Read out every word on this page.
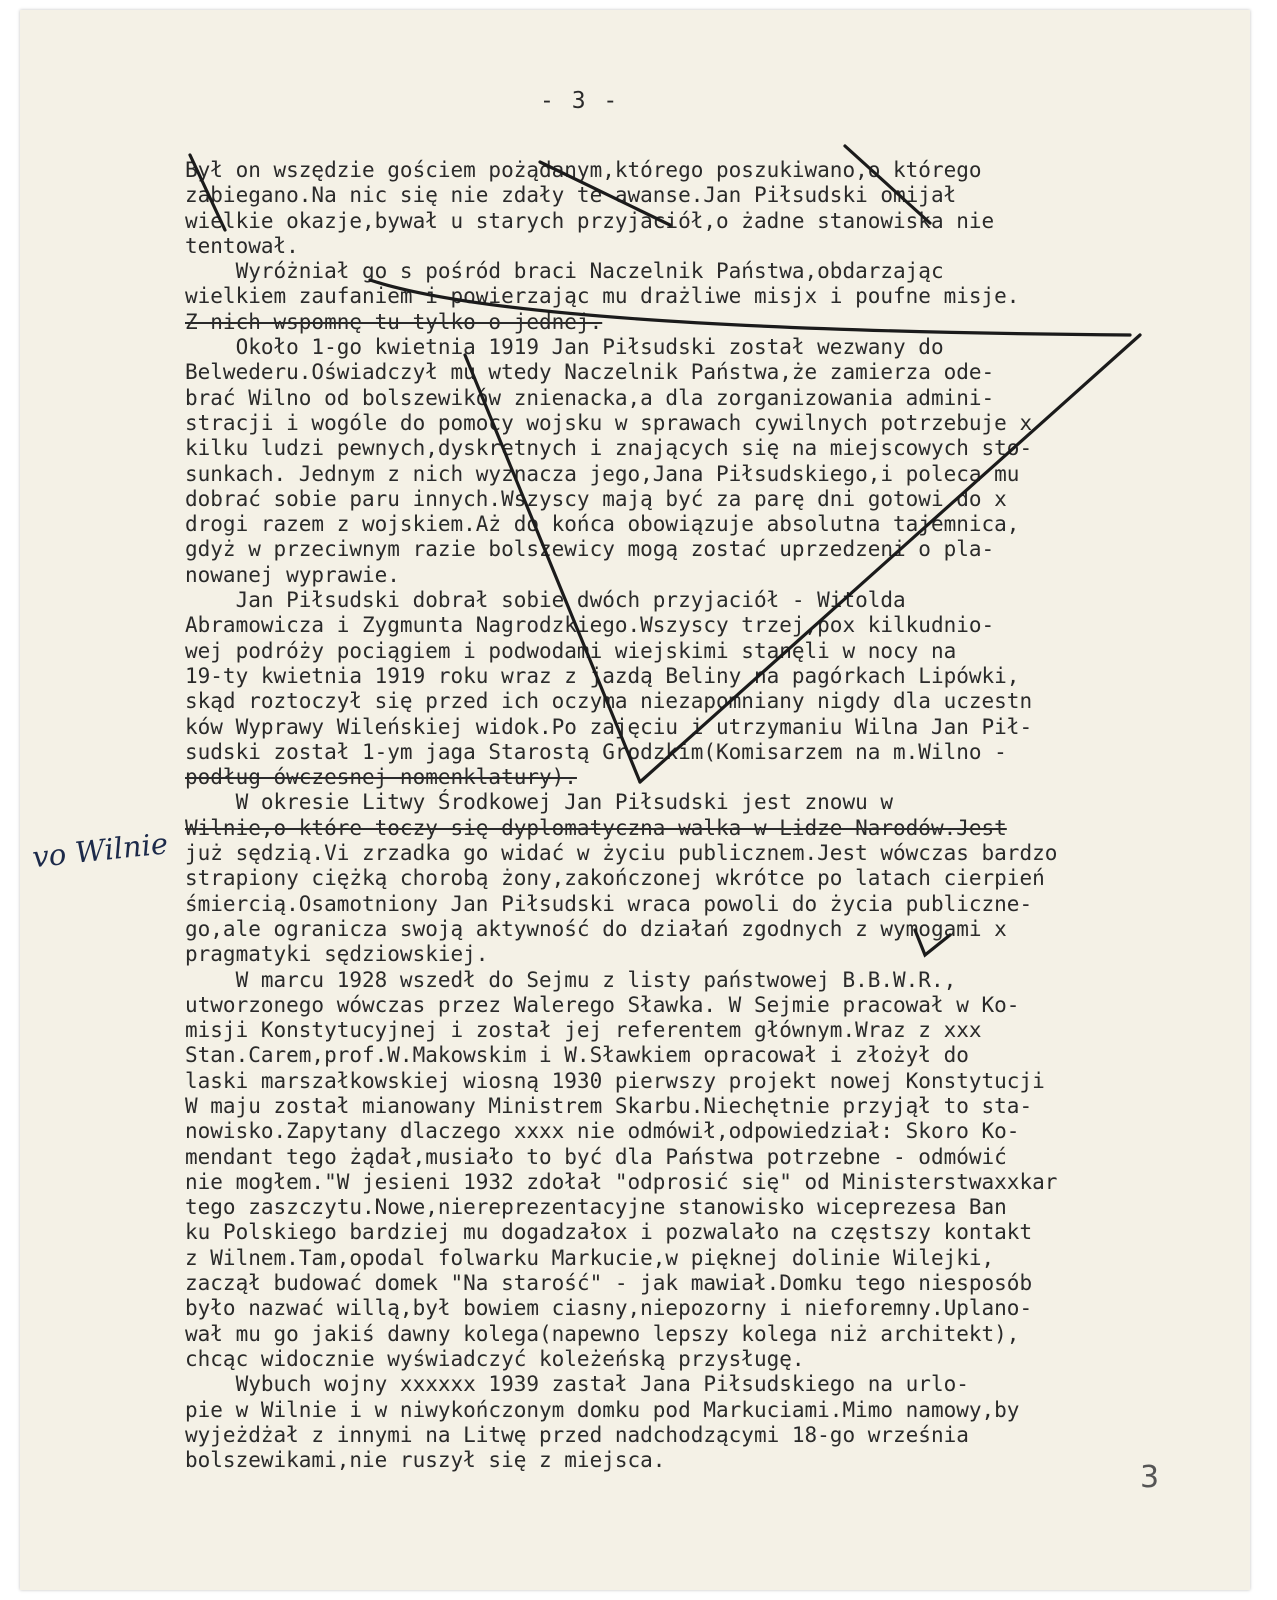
- 3 -
Był on wszędzie gościem pożądanym,którego poszukiwano,o którego
zabiegano.Na nic się nie zdały te awanse.Jan Piłsudski omijał
wielkie okazje,bywał u starych przyjaciół,o żadne stanowiska nie
tentował.
Wyróżniał go s pośród braci Naczelnik Państwa,obdarzając
wielkiem zaufaniem i powierzając mu drażliwe misjx i poufne misje.
Z nich wspomnę tu tylko o jednej.
Około 1-go kwietnia 1919 Jan Piłsudski został wezwany do
Belwederu.Oświadczył mu wtedy Naczelnik Państwa,że zamierza ode-
brać Wilno od bolszewików znienacka,a dla zorganizowania admini-
stracji i wogóle do pomocy wojsku w sprawach cywilnych potrzebuje x
kilku ludzi pewnych,dyskretnych i znających się na miejscowych sto-
sunkach. Jednym z nich wyznacza jego,Jana Piłsudskiego,i poleca mu
dobrać sobie paru innych.Wszyscy mają być za parę dni gotowi do x
drogi razem z wojskiem.Aż do końca obowiązuje absolutna tajemnica,
gdyż w przeciwnym razie bolszewicy mogą zostać uprzedzeni o pla-
nowanej wyprawie.
Jan Piłsudski dobrał sobie dwóch przyjaciół - Witolda
Abramowicza i Zygmunta Nagrodzkiego.Wszyscy trzej,pox kilkudnio-
wej podróży pociągiem i podwodami wiejskimi stanęli w nocy na
19-ty kwietnia 1919 roku wraz z jazdą Beliny na pagórkach Lipówki,
skąd roztoczył się przed ich oczyma niezapomniany nigdy dla uczestn
ków Wyprawy Wileńskiej widok.Po zajęciu i utrzymaniu Wilna Jan Pił-
sudski został 1-ym jaga Starostą Grodzkim(Komisarzem na m.Wilno -
podług ówczesnej nomenklatury).
W okresie Litwy Środkowej Jan Piłsudski jest znowu w
Wilnie,o które toczy się dyplomatyczna walka w Lidze Narodów.Jest
już sędzią.Vi zrzadka go widać w życiu publicznem.Jest wówczas bardzo
strapiony ciężką chorobą żony,zakończonej wkrótce po latach cierpień
śmiercią.Osamotniony Jan Piłsudski wraca powoli do życia publiczne-
go,ale ogranicza swoją aktywność do działań zgodnych z wymogami x
pragmatyki sędziowskiej.
W marcu 1928 wszedł do Sejmu z listy państwowej B.B.W.R.,
utworzonego wówczas przez Walerego Sławka. W Sejmie pracował w Ko-
misji Konstytucyjnej i został jej referentem głównym.Wraz z xxx
Stan.Carem,prof.W.Makowskim i W.Sławkiem opracował i złożył do
laski marszałkowskiej wiosną 1930 pierwszy projekt nowej Konstytucji
W maju został mianowany Ministrem Skarbu.Niechętnie przyjął to sta-
nowisko.Zapytany dlaczego xxxx nie odmówił,odpowiedział: Skoro Ko-
mendant tego żądał,musiało to być dla Państwa potrzebne - odmówić
nie mogłem."W jesieni 1932 zdołał "odprosić się" od Ministerstwaxxkar
tego zaszczytu.Nowe,niereprezentacyjne stanowisko wiceprezesa Ban
ku Polskiego bardziej mu dogadzałox i pozwalało na częstszy kontakt
z Wilnem.Tam,opodal folwarku Markucie,w pięknej dolinie Wilejki,
zaczął budować domek "Na starość" - jak mawiał.Domku tego niesposób
było nazwać willą,był bowiem ciasny,niepozorny i nieforemny.Uplano-
wał mu go jakiś dawny kolega(napewno lepszy kolega niż architekt),
chcąc widocznie wyświadczyć koleżeńską przysługę.
Wybuch wojny xxxxxx 1939 zastał Jana Piłsudskiego na urlo-
pie w Wilnie i w niwykończonym domku pod Markuciami.Mimo namowy,by
wyjeżdżał z innymi na Litwę przed nadchodzącymi 18-go września
bolszewikami,nie ruszył się z miejsca.
vo Wilnie
3
